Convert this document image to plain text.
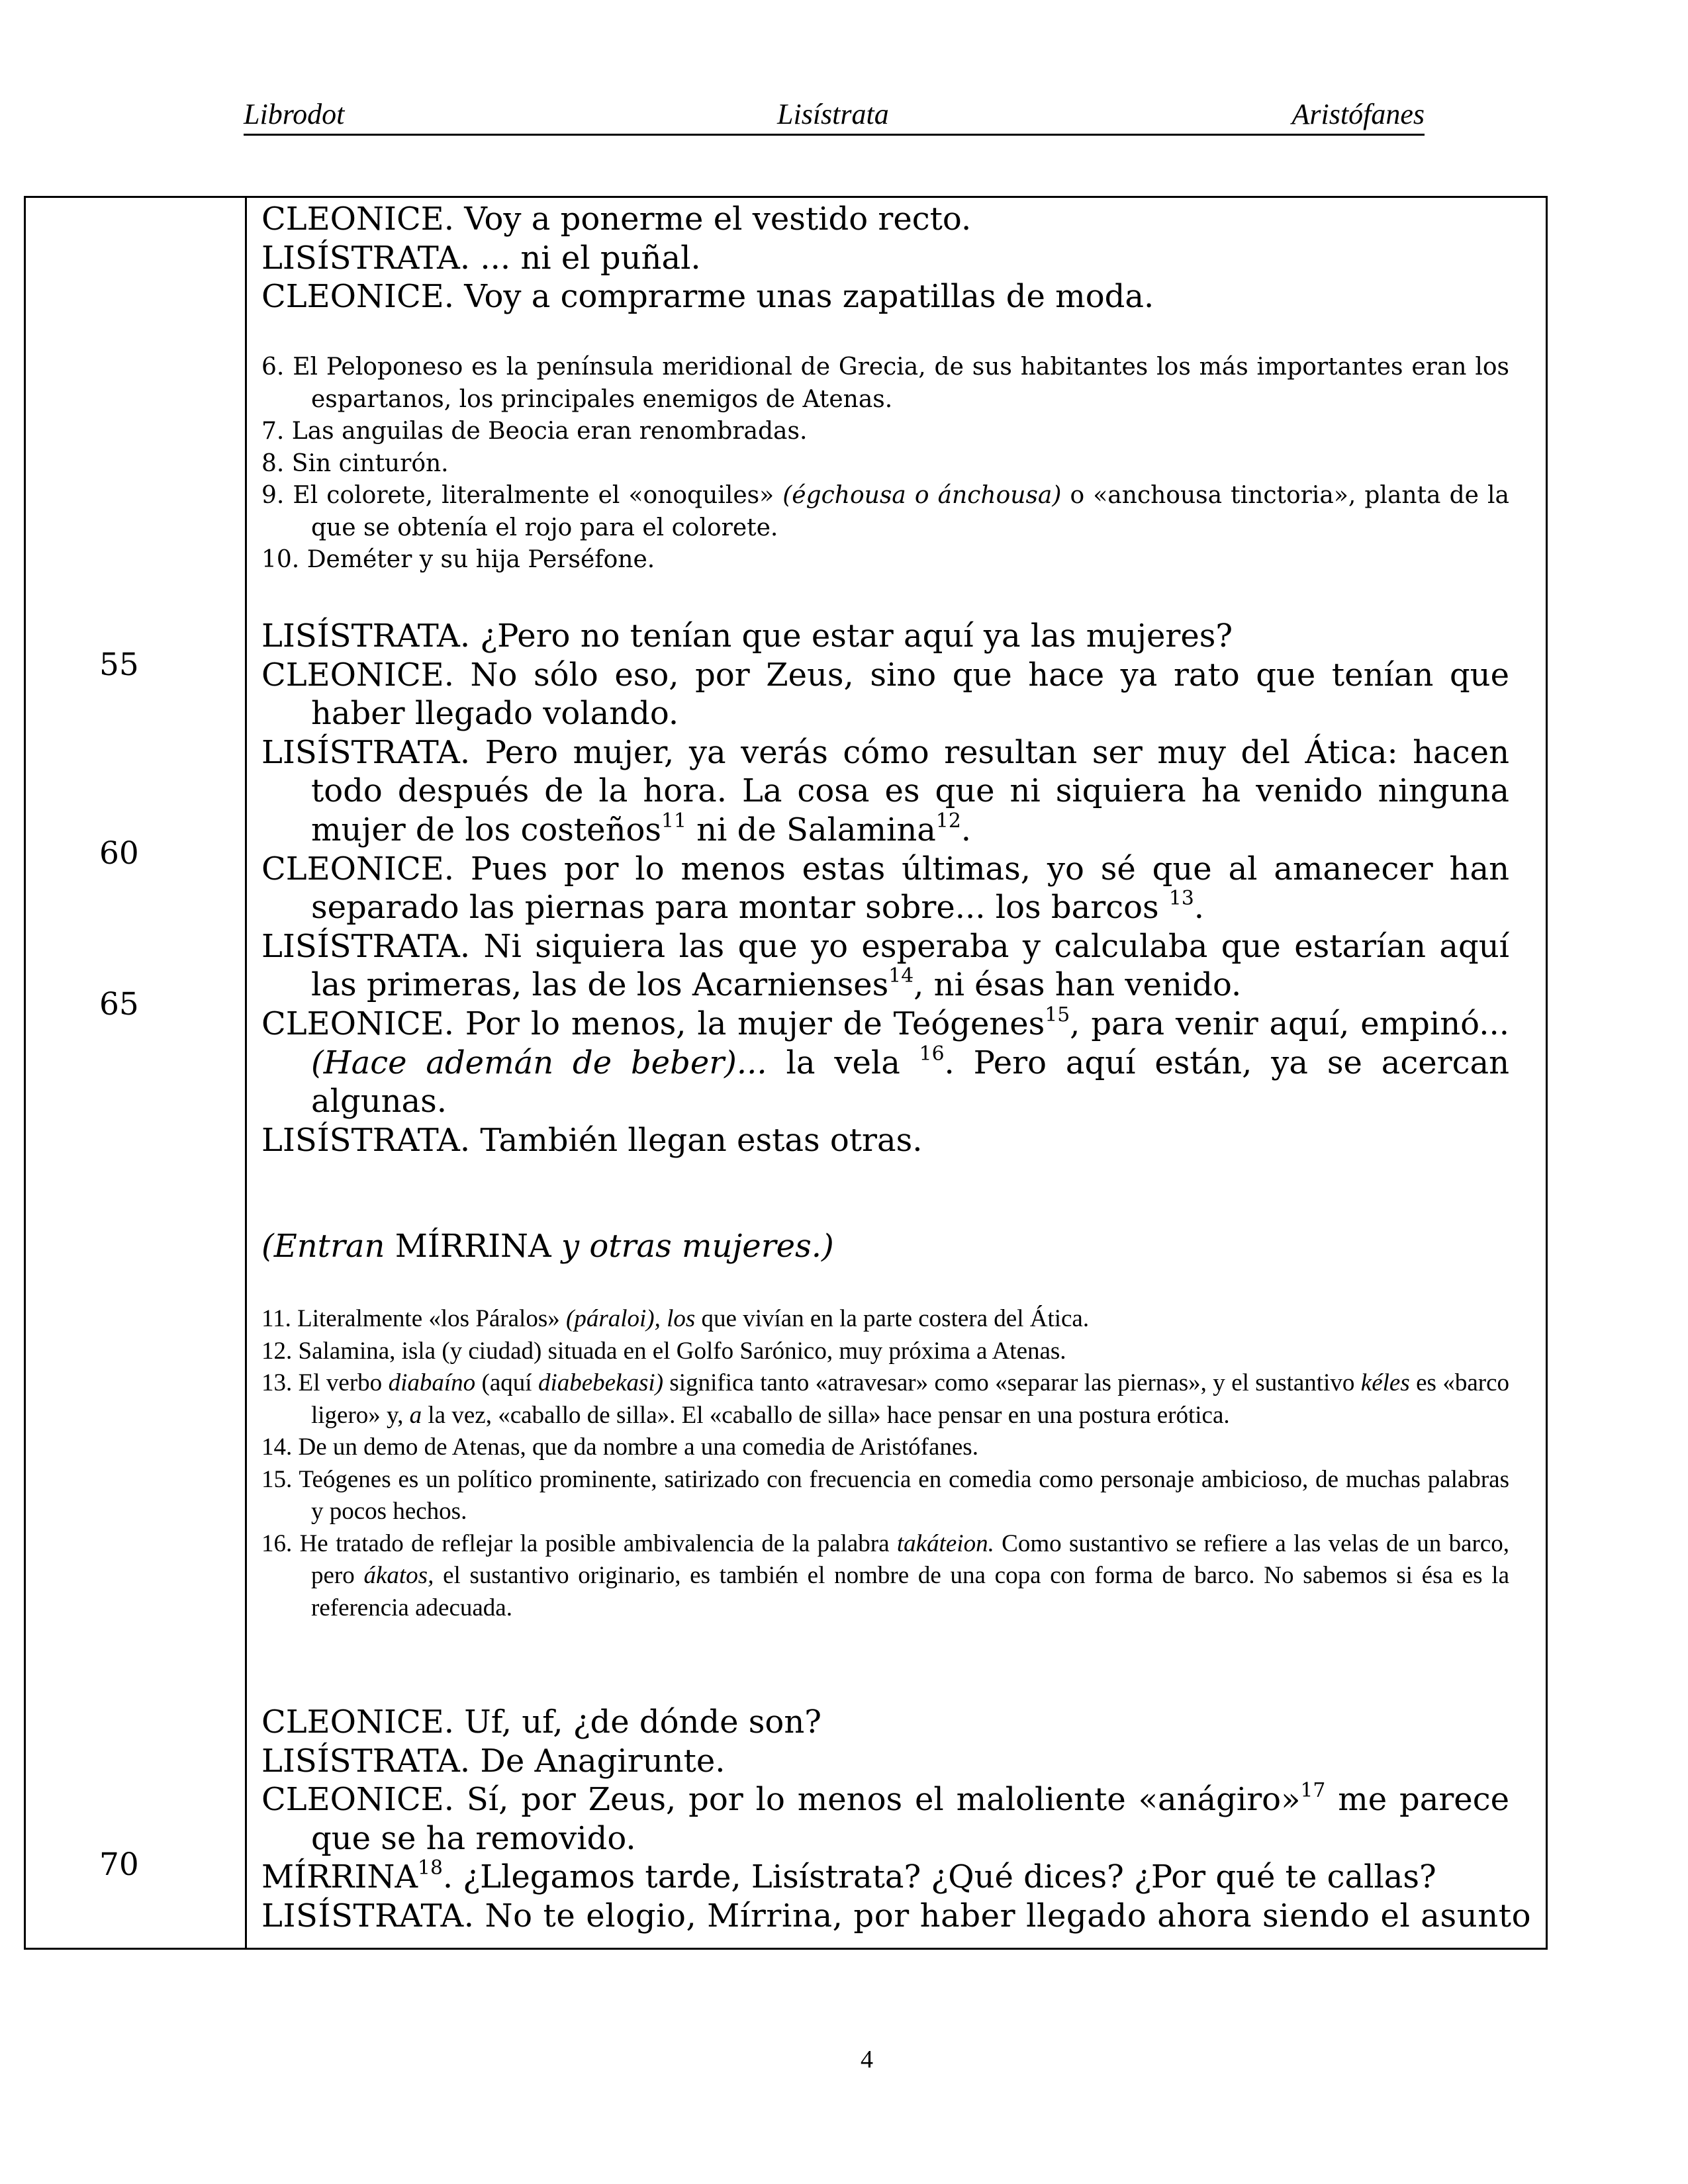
Librodot	Lisístrata	Aristófanes
55
60
65
70
CLEONICE. Voy a ponerme el vestido recto.
LISÍSTRATA. ... ni el puñal.
CLEONICE. Voy a comprarme unas zapatillas de moda.
6. El Peloponeso es la península meridional de Grecia, de sus habitantes los más importantes eran los espartanos, los principales enemigos de Atenas.
7. Las anguilas de Beocia eran renombradas.
8. Sin cinturón.
9. El colorete, literalmente el «onoquiles» (égchousa o ánchousa) o «anchousa tinctoria», planta de la que se obtenía el rojo para el colorete.
10. Deméter y su hija Perséfone.
LISÍSTRATA. ¿Pero no tenían que estar aquí ya las mujeres?
CLEONICE. No sólo eso, por Zeus, sino que hace ya rato que tenían que haber llegado volando.
LISÍSTRATA. Pero mujer, ya verás cómo resultan ser muy del Ática: hacen todo después de la hora. La cosa es que ni siquiera ha venido ninguna mujer de los costeños$^{11}$ ni de Salamina$^{12}$.
CLEONICE. Pues por lo menos estas últimas, yo sé que al amanecer han separado las piernas para montar sobre... los barcos $^{13}$.
LISÍSTRATA. Ni siquiera las que yo esperaba y calculaba que estarían aquí las primeras, las de los Acarnienses$^{14}$, ni ésas han venido.
CLEONICE. Por lo menos, la mujer de Teógenes$^{15}$, para venir aquí, empinó... (Hace ademán de beber)... la vela $^{16}$. Pero aquí están, ya se acercan algunas.
LISÍSTRATA. También llegan estas otras.
(Entran MÍRRINA y otras mujeres.)
11. Literalmente «los Páralos» (páraloi), los que vivían en la parte costera del Ática.
12. Salamina, isla (y ciudad) situada en el Golfo Sarónico, muy próxima a Atenas.
13. El verbo diabaíno (aquí diabebekasi) significa tanto «atravesar» como «separar las piernas», y el sustantivo kéles es «barco ligero» y, a la vez, «caballo de silla». El «caballo de silla» hace pensar en una postura erótica.
14. De un demo de Atenas, que da nombre a una comedia de Aristófanes.
15. Teógenes es un político prominente, satirizado con frecuencia en comedia como personaje ambicioso, de muchas palabras y pocos hechos.
16. He tratado de reflejar la posible ambivalencia de la palabra takáteion. Como sustantivo se refiere a las velas de un barco, pero ákatos, el sustantivo originario, es también el nombre de una copa con forma de barco. No sabemos si ésa es la referencia adecuada.
CLEONICE. Uf, uf, ¿de dónde son?
LISÍSTRATA. De Anagirunte.
CLEONICE. Sí, por Zeus, por lo menos el maloliente «anágiro»$^{17}$ me parece que se ha removido.
MÍRRINA$^{18}$. ¿Llegamos tarde, Lisístrata? ¿Qué dices? ¿Por qué te callas?
LISÍSTRATA. No te elogio, Mírrina, por haber llegado ahora siendo el asunto
4
